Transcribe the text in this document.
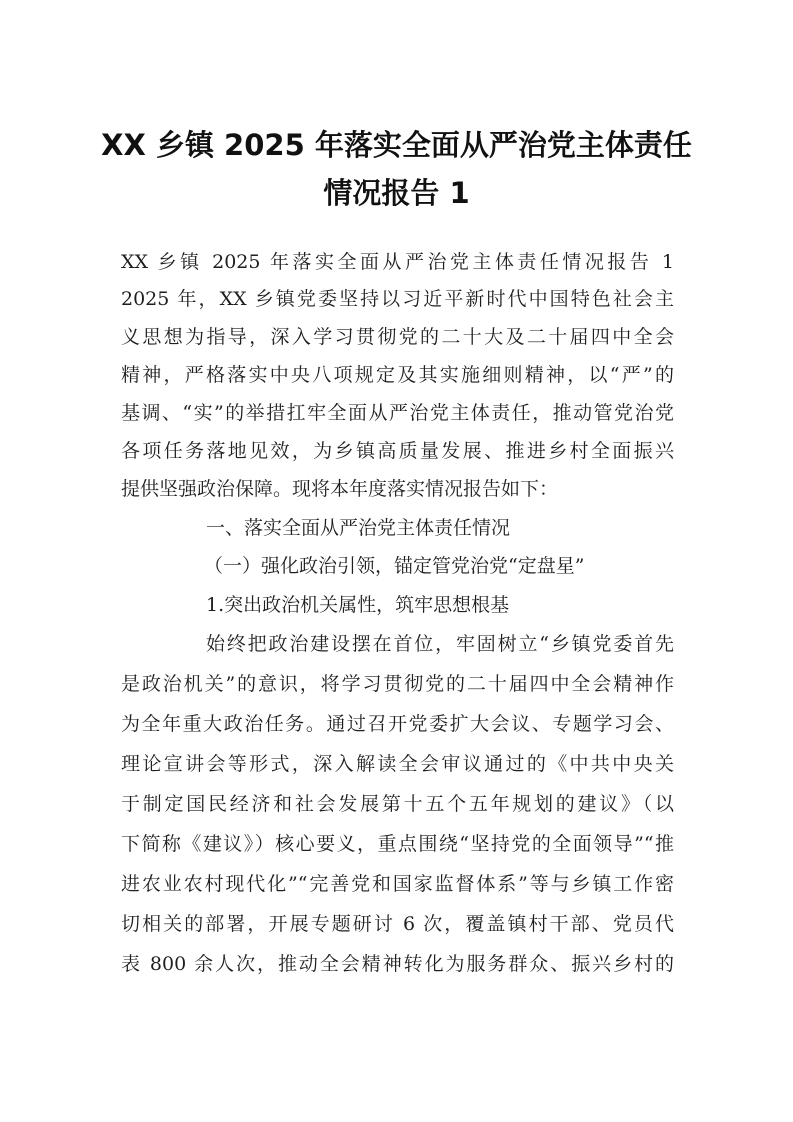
XX 乡镇 2025 年落实全面从严治党主体责任
情况报告 1
XX 乡镇 2025 年落实全面从严治党主体责任情况报告 1
2025 年，XX 乡镇党委坚持以习近平新时代中国特色社会主
义思想为指导，深入学习贯彻党的二十大及二十届四中全会
精神，严格落实中央八项规定及其实施细则精神，以“严”的
基调、“实”的举措扛牢全面从严治党主体责任，推动管党治党
各项任务落地见效，为乡镇高质量发展、推进乡村全面振兴
提供坚强政治保障。现将本年度落实情况报告如下：
一、落实全面从严治党主体责任情况
（一）强化政治引领，锚定管党治党“定盘星”
1.突出政治机关属性，筑牢思想根基
始终把政治建设摆在首位，牢固树立“乡镇党委首先
是政治机关”的意识，将学习贯彻党的二十届四中全会精神作
为全年重大政治任务。通过召开党委扩大会议、专题学习会、
理论宣讲会等形式，深入解读全会审议通过的《中共中央关
于制定国民经济和社会发展第十五个五年规划的建议》（以
下简称《建议》）核心要义，重点围绕“坚持党的全面领导”“推
进农业农村现代化”“完善党和国家监督体系”等与乡镇工作密
切相关的部署，开展专题研讨 6 次，覆盖镇村干部、党员代
表 800 余人次，推动全会精神转化为服务群众、振兴乡村的
